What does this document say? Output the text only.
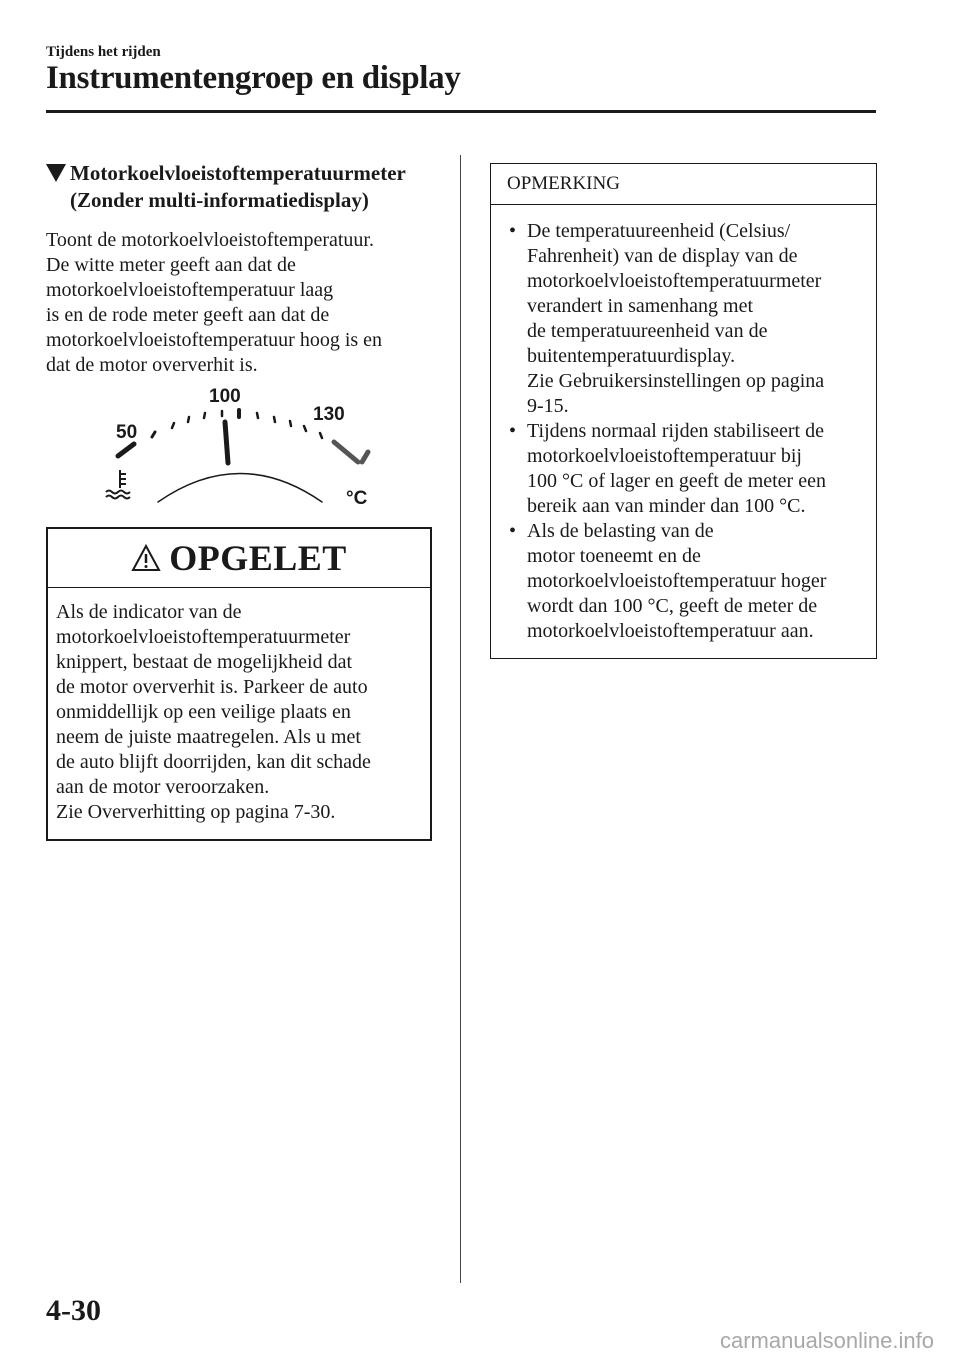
Tijdens het rijden
Instrumentengroep en display
Motorkoelvloeistoftemperatuurmeter
(Zonder multi-informatiedisplay)
Toont de motorkoelvloeistoftemperatuur.
De witte meter geeft aan dat de
motorkoelvloeistoftemperatuur laag
is en de rode meter geeft aan dat de
motorkoelvloeistoftemperatuur hoog is en
dat de motor oververhit is.
50
100
130
°C
OPGELET
Als de indicator van de
motorkoelvloeistoftemperatuurmeter
knippert, bestaat de mogelijkheid dat
de motor oververhit is. Parkeer de auto
onmiddellijk op een veilige plaats en
neem de juiste maatregelen. Als u met
de auto blijft doorrijden, kan dit schade
aan de motor veroorzaken.
Zie Oververhitting op pagina 7-30.
OPMERKING
• De temperatuureenheid (Celsius/
Fahrenheit) van de display van de
motorkoelvloeistoftemperatuurmeter
verandert in samenhang met
de temperatuureenheid van de
buitentemperatuurdisplay.
Zie Gebruikersinstellingen op pagina
9-15.
• Tijdens normaal rijden stabiliseert de
motorkoelvloeistoftemperatuur bij
100 °C of lager en geeft de meter een
bereik aan van minder dan 100 °C.
• Als de belasting van de
motor toeneemt en de
motorkoelvloeistoftemperatuur hoger
wordt dan 100 °C, geeft de meter de
motorkoelvloeistoftemperatuur aan.
4-30
carmanualsonline.info
